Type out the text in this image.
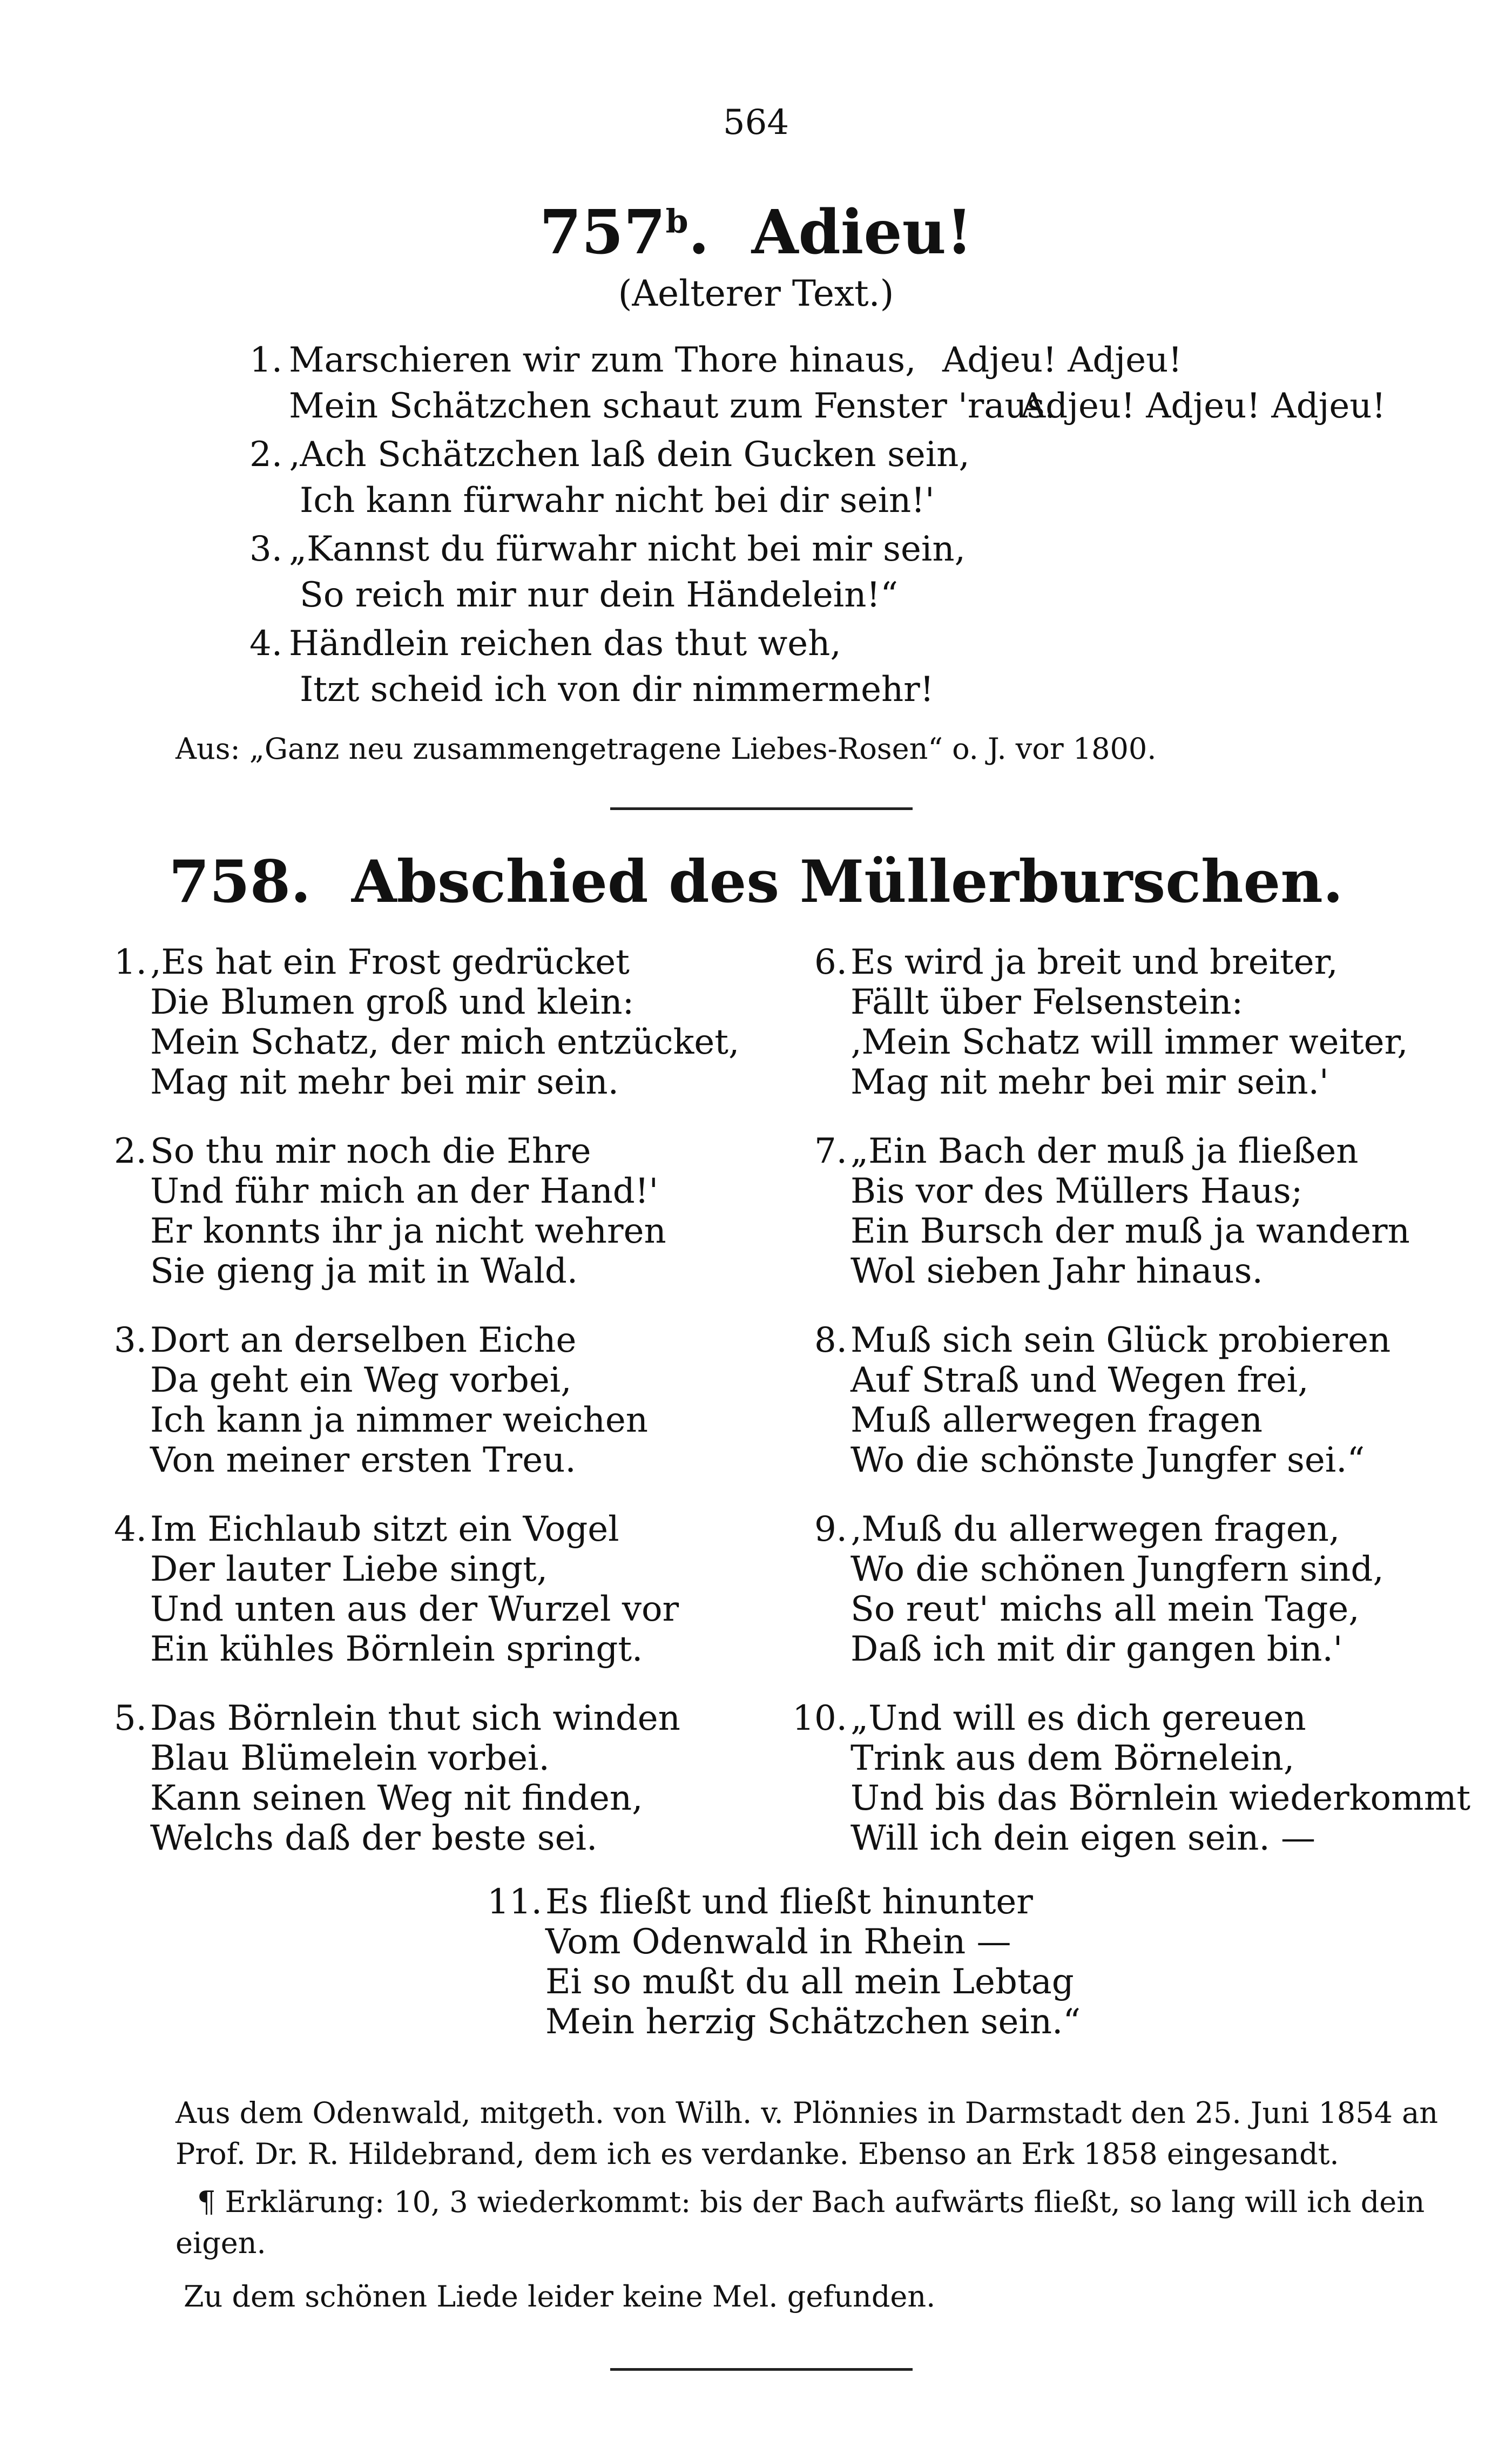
564
757$^b$.  Adieu!
(Aelterer Text.)
1. Marschieren wir zum Thore hinaus, Adjeu! Adjeu!
Mein Schätzchen schaut zum Fenster 'raus.
Adjeu! Adjeu! Adjeu!
2. ‚Ach Schätzchen laß dein Gucken sein,
Ich kann fürwahr nicht bei dir sein!'
3. „Kannst du fürwahr nicht bei mir sein,
So reich mir nur dein Händelein!“
4. Händlein reichen das thut weh,
Itzt scheid ich von dir nimmermehr!
Aus: „Ganz neu zusammengetragene Liebes-Rosen“ o. J. vor 1800.
758. Abschied des Müllerburschen.
1. ‚Es hat ein Frost gedrücket
Die Blumen groß und klein:
Mein Schatz, der mich entzücket,
Mag nit mehr bei mir sein.
2. So thu mir noch die Ehre
Und führ mich an der Hand!'
Er konnts ihr ja nicht wehren
Sie gieng ja mit in Wald.
3. Dort an derselben Eiche
Da geht ein Weg vorbei,
Ich kann ja nimmer weichen
Von meiner ersten Treu.
4. Im Eichlaub sitzt ein Vogel
Der lauter Liebe singt,
Und unten aus der Wurzel vor
Ein kühles Börnlein springt.
5. Das Börnlein thut sich winden
Blau Blümelein vorbei.
Kann seinen Weg nit finden,
Welchs daß der beste sei.
6. Es wird ja breit und breiter,
Fällt über Felsenstein:
‚Mein Schatz will immer weiter,
Mag nit mehr bei mir sein.'
7. „Ein Bach der muß ja fließen
Bis vor des Müllers Haus;
Ein Bursch der muß ja wandern
Wol sieben Jahr hinaus.
8. Muß sich sein Glück probieren
Auf Straß und Wegen frei,
Muß allerwegen fragen
Wo die schönste Jungfer sei.“
9. ‚Muß du allerwegen fragen,
Wo die schönen Jungfern sind,
So reut' michs all mein Tage,
Daß ich mit dir gangen bin.'
10. „Und will es dich gereuen
Trink aus dem Börnelein,
Und bis das Börnlein wiederkommt
Will ich dein eigen sein. —
11. Es fließt und fließt hinunter
Vom Odenwald in Rhein —
Ei so mußt du all mein Lebtag
Mein herzig Schätzchen sein.“
Aus dem Odenwald, mitgeth. von Wilh. v. Plönnies in Darmstadt den 25. Juni 1854 an Prof. Dr. R. Hildebrand, dem ich es verdanke. Ebenso an Erk 1858 eingesandt.
¶ Erklärung: 10, 3 wiederkommt: bis der Bach aufwärts fließt, so lang will ich dein eigen.
Zu dem schönen Liede leider keine Mel. gefunden.
